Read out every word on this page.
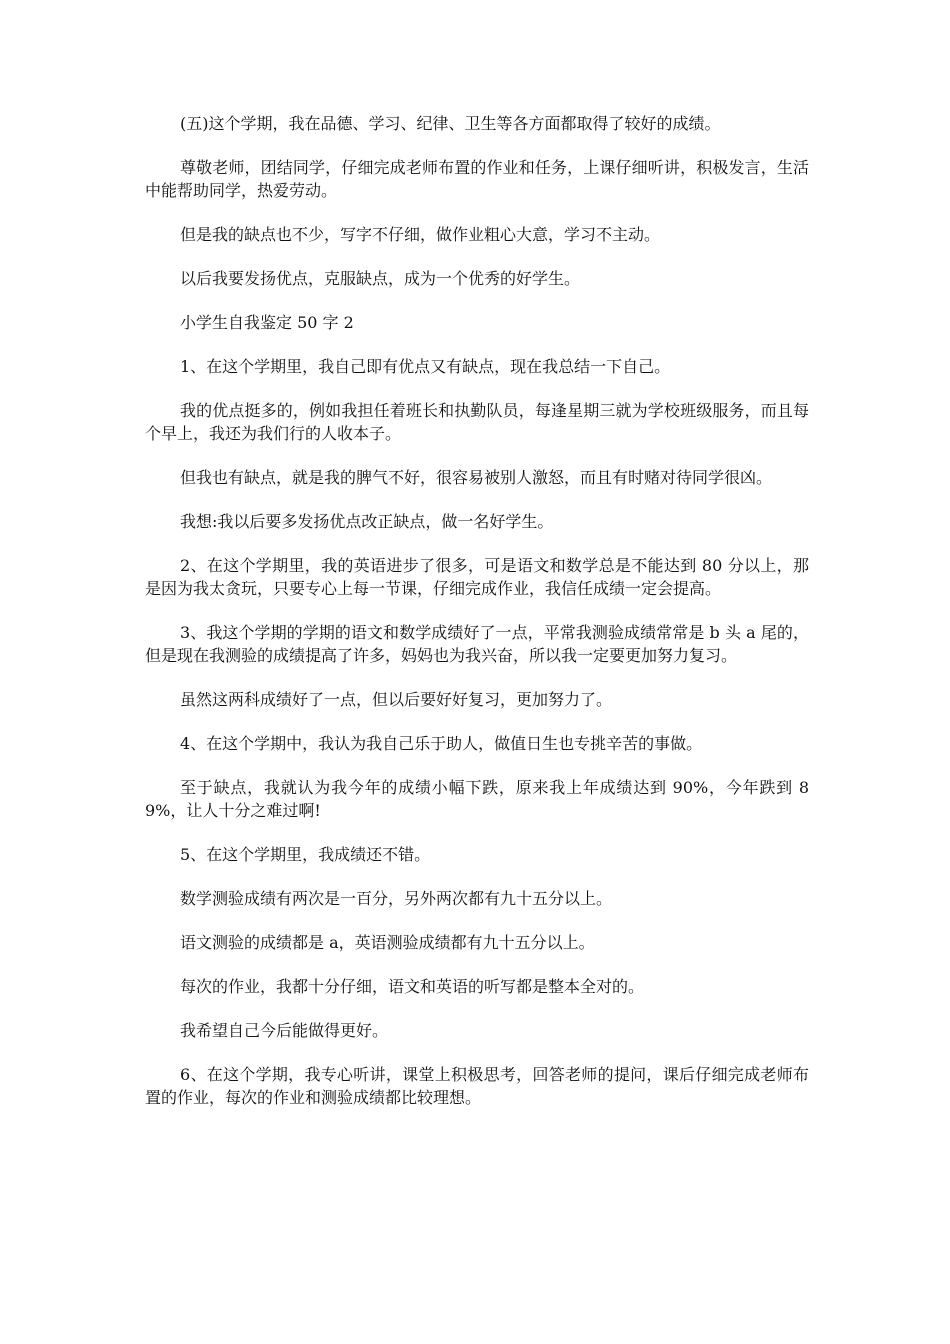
(五)这个学期，我在品德、学习、纪律、卫生等各方面都取得了较好的成绩。

尊敬老师，团结同学，仔细完成老师布置的作业和任务，上课仔细听讲，积极发言，生活中能帮助同学，热爱劳动。

但是我的缺点也不少，写字不仔细，做作业粗心大意，学习不主动。

以后我要发扬优点，克服缺点，成为一个优秀的好学生。

小学生自我鉴定 50 字 2

1、在这个学期里，我自己即有优点又有缺点，现在我总结一下自己。

我的优点挺多的，例如我担任着班长和执勤队员，每逢星期三就为学校班级服务，而且每个早上，我还为我们行的人收本子。

但我也有缺点，就是我的脾气不好，很容易被别人激怒，而且有时赌对待同学很凶。

我想:我以后要多发扬优点改正缺点，做一名好学生。

2、在这个学期里，我的英语进步了很多，可是语文和数学总是不能达到 80 分以上，那是因为我太贪玩，只要专心上每一节课，仔细完成作业，我信任成绩一定会提高。

3、我这个学期的学期的语文和数学成绩好了一点，平常我测验成绩常常是 b 头 a 尾的，但是现在我测验的成绩提高了许多，妈妈也为我兴奋，所以我一定要更加努力复习。

虽然这两科成绩好了一点，但以后要好好复习，更加努力了。

4、在这个学期中，我认为我自己乐于助人，做值日生也专挑辛苦的事做。

至于缺点，我就认为我今年的成绩小幅下跌，原来我上年成绩达到 90%，今年跌到 89%，让人十分之难过啊!

5、在这个学期里，我成绩还不错。

数学测验成绩有两次是一百分，另外两次都有九十五分以上。

语文测验的成绩都是 a，英语测验成绩都有九十五分以上。

每次的作业，我都十分仔细，语文和英语的听写都是整本全对的。

我希望自己今后能做得更好。

6、在这个学期，我专心听讲，课堂上积极思考，回答老师的提问，课后仔细完成老师布置的作业，每次的作业和测验成绩都比较理想。
